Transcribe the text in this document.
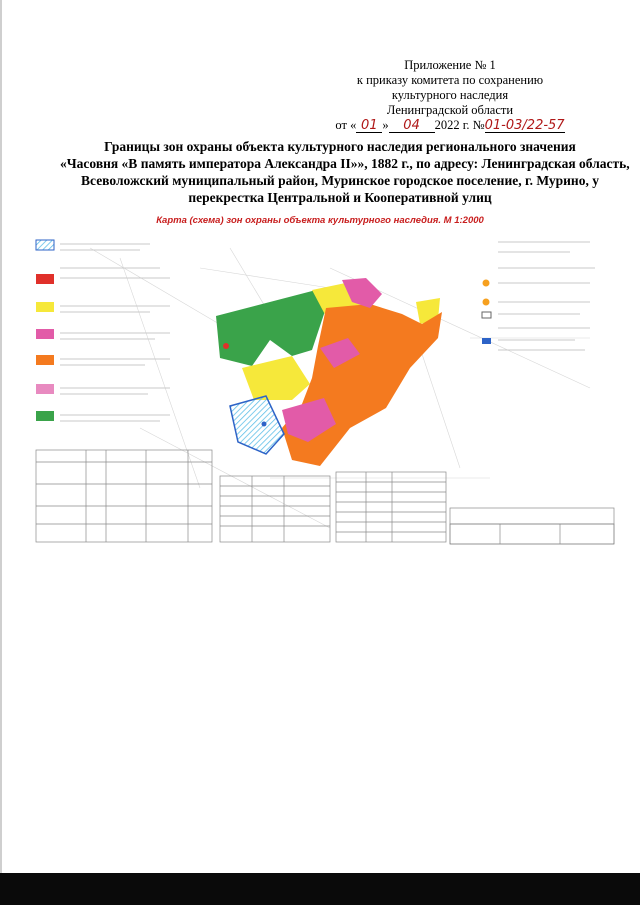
Приложение № 1
к приказу комитета по сохранению
культурного наследия
Ленинградской области
от « 01 » 04 2022 г. №01-03/22-57
Границы зон охраны объекта культурного наследия регионального значения
«Часовня «В память императора Александра II»», 1882 г., по адресу: Ленинградская область,
Всеволожский муниципальный район, Муринское городское поселение, г. Мурино, у
перекрестка Центральной и Кооперативной улиц
Карта (схема) зон охраны объекта культурного наследия. М 1:2000
